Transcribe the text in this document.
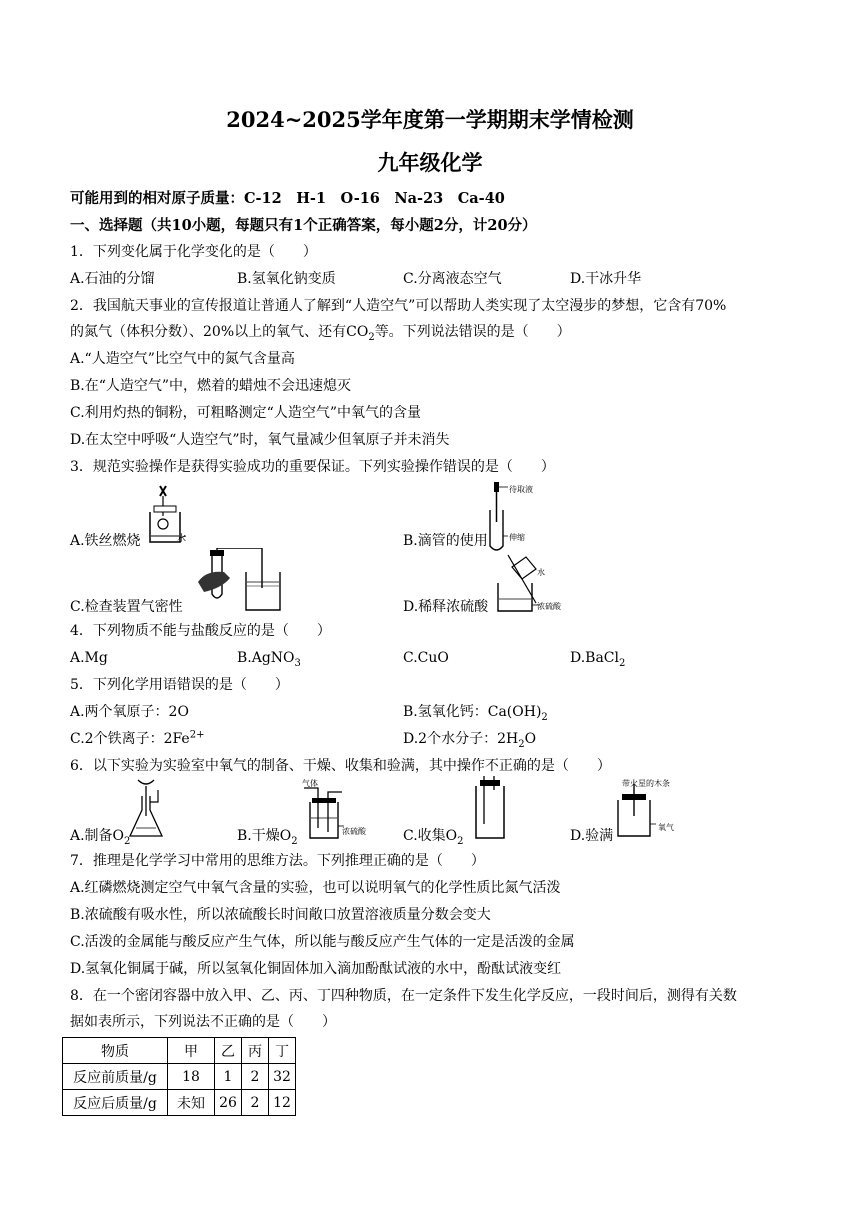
2024~2025学年度第一学期期末学情检测
九年级化学
可能用到的相对原子质量：C-12　H-1　O-16　Na-23　Ca-40
一、选择题（共10小题，每题只有1个正确答案，每小题2分，计20分）
1．下列变化属于化学变化的是（　　）
A.石油的分馏	B.氢氧化钠变质	C.分离液态空气	D.干冰升华
2．我国航天事业的宣传报道让普通人了解到“人造空气”可以帮助人类实现了太空漫步的梦想，它含有70%
的氮气（体积分数）、20%以上的氧气、还有$CO_2$等。下列说法错误的是（　　）
A.“人造空气”比空气中的氮气含量高
B.在“人造空气”中，燃着的蜡烛不会迅速熄灭
C.利用灼热的铜粉，可粗略测定“人造空气”中氧气的含量
D.在太空中呼吸“人造空气”时，氧气量减少但氧原子并未消失
3．规范实验操作是获得实验成功的重要保证。下列实验操作错误的是（　　）
水
A.铁丝燃烧
待取液
伸缩
B.滴管的使用
C.检查装置气密性
水
浓硫酸
D.稀释浓硫酸
4．下列物质不能与盐酸反应的是（　　）
A.Mg	B.AgNO$_3$	C.CuO	D.BaCl$_2$
5．下列化学用语错误的是（　　）
A.两个氧原子：2O	B.氢氧化钙：$Ca(OH)_2$
C.2个铁离子：$2Fe^{2+}$	D.2个水分子：$2H_2O$
6．以下实验为实验室中氧气的制备、干燥、收集和验满，其中操作不正确的是（　　）
A.制备$O_2$
气体
浓硫酸
B.干燥$O_2$	C.收集$O_2$
带火星的木条
氧气
D.验满
7．推理是化学学习中常用的思维方法。下列推理正确的是（　　）
A.红磷燃烧测定空气中氧气含量的实验，也可以说明氧气的化学性质比氮气活泼
B.浓硫酸有吸水性，所以浓硫酸长时间敞口放置溶液质量分数会变大
C.活泼的金属能与酸反应产生气体，所以能与酸反应产生气体的一定是活泼的金属
D.氢氧化铜属于碱，所以氢氧化铜固体加入滴加酚酞试液的水中，酚酞试液变红
8．在一个密闭容器中放入甲、乙、丙、丁四种物质，在一定条件下发生化学反应，一段时间后，测得有关数
据如表所示，下列说法不正确的是（　　）
物质	甲	乙	丙	丁
反应前质量/g	18	1	2	32
反应后质量/g	未知	26	2	12
